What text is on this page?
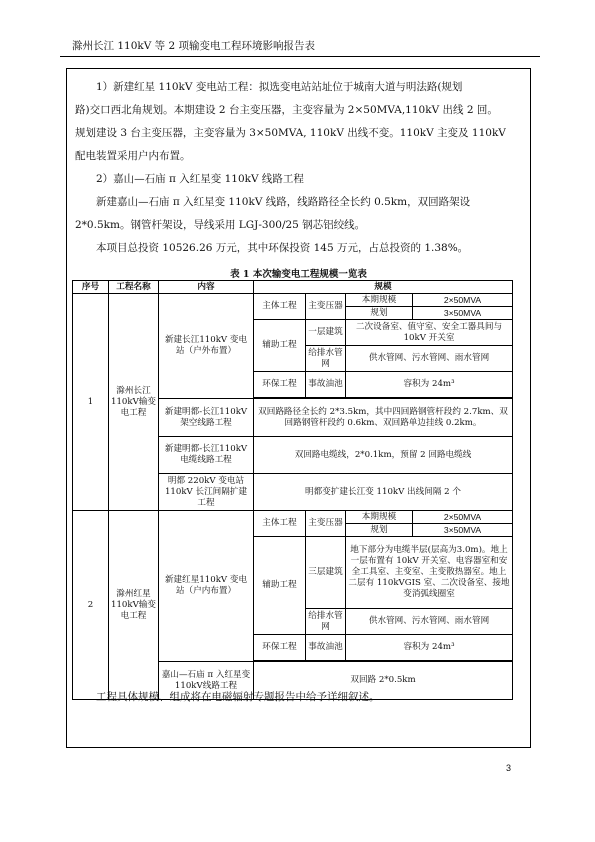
滁州长江 110kV 等 2 项输变电工程环境影响报告表
1）新建红星 110kV 变电站工程：拟选变电站站址位于城南大道与明法路(规划
路)交口西北角规划。本期建设 2 台主变压器，主变容量为 2×50MVA,110kV 出线 2 回。
规划建设 3 台主变压器，主变容量为 3×50MVA, 110kV 出线不变。110kV 主变及 110kV
配电装置采用户内布置。
2）嘉山—石庙 π 入红星变 110kV 线路工程
新建嘉山—石庙 π 入红星变 110kV 线路，线路路径全长约 0.5km，双回路架设
2*0.5km。钢管杆架设，导线采用 LGJ-300/25 钢芯铝绞线。
本项目总投资 10526.26 万元，其中环保投资 145 万元，占总投资的 1.38%。
表 1 本次输变电工程规模一览表
序号	工程名称	内容	规模			
1	滁州长江110kV输变电工程	新建长江110kV 变电站（户外布置）	主体工程	主变压器	本期规模	2×50MVA
					规划	3×50MVA
			辅助工程	一层建筑	二次设备室、值守室、安全工器具间与 10kV 开关室	
				给排水管网	供水管网、污水管网、雨水管网	
			环保工程	事故油池	容积为 24m³	

		新建明都-长江110kV 架空线路工程	双回路路径全长约 2*3.5km，其中四回路钢管杆段约 2.7km、双回路钢管杆段约 0.6km、双回路单边挂线 0.2km。			
		新建明都-长江110kV 电缆线路工程	双回路电缆线，2*0.1km，预留 2 回路电缆线			
		明都 220kV 变电站110kV 长江间隔扩建工程	明都变扩建长江变 110kV 出线间隔 2 个			
2	滁州红星110kV输变电工程	新建红星110kV 变电站（户内布置）	主体工程	主变压器	本期规模	2×50MVA
					规划	3×50MVA
			辅助工程	三层建筑	地下部分为电缆半层(层高为3.0m)。地上一层布置有 10kV 开关室、电容器室和安全工具室、主变室、主变散热器室。地上二层有 110kVGIS 室、二次设备室、接地变消弧线圈室	
				给排水管网	供水管网、污水管网、雨水管网	
			环保工程	事故油池	容积为 24m³	

		嘉山—石庙 π 入红星变 110kV线路工程	双回路 2*0.5km			
工程具体规模、组成将在电磁辐射专题报告中给予详细叙述。
3
